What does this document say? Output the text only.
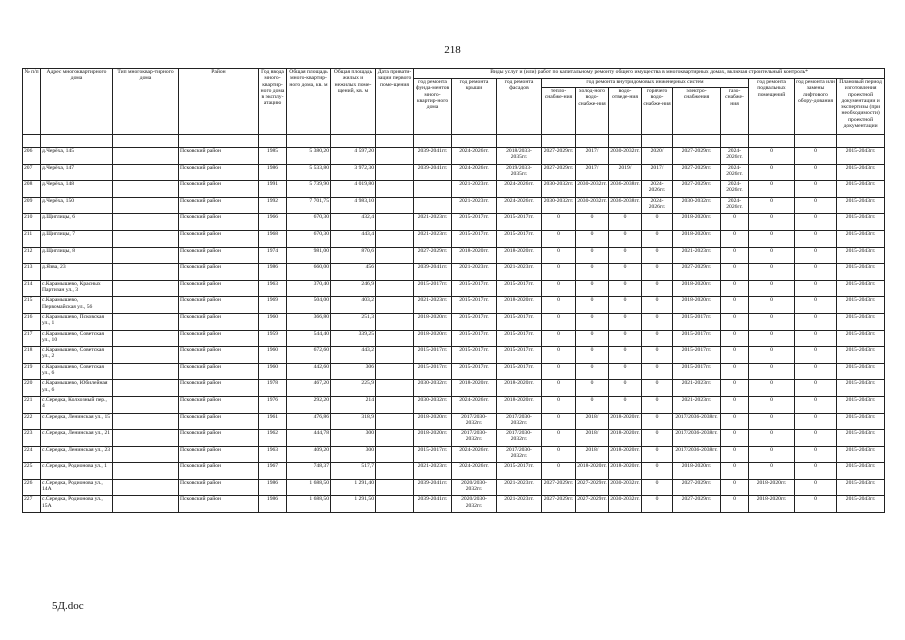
218
№ п/п	Адрес многоквартирного дома	Тип многоквар-тирного дома	Район	Год ввода много-квартир-ного дома в эксплу-атацию	Общая площадь много-квартир-ного дома, кв. м	Общая площадь жилых и нежилых поме-щений, кв. м	Дата привати-зации первого поме-щения	Виды услуг и (или) работ по капитальному ремонту общего имущества в многоквартирных домах, включая строительный контроль*											
								год ремонта фунда-ментов много-квартир-ного дома	год ремонта крыши	год ремонта фасадов	год ремонта внутридомовых инженерных систем						год ремонта подвальных помещений	год ремонта или замены лифтового обору-дования	Плановый период изготовления проектной документации и экспертизы (при необходимости) проектной документации
											тепло-снабже-ния	холод-ного водо-снабже-ния	водо-отведе-ния	горячего водо-снабже-ния	электро-снабжения	газо-снабже-ния			

206	д.Черёха, 145		Псковский район	1985	5 380,20	4 597,20		2039-2041гг.	2024-2026гг.	2018/2033-2035гг.	2027-2029гг.	2017/	2030-2032гг.	2020/	2027-2029гг.	2024-2026гг.	0	0	2015-2043гг.
207	д.Черёха, 147		Псковский район	1986	5 533,80	3 972,30		2039-2041гг.	2024-2026гг.	2019/2033-2035гг.	2027-2029гг.	2017/	2019/	2017/	2027-2029гг.	2024-2026гг.	0	0	2015-2043гг.
208	д.Черёха, 148		Псковский район	1991	5 739,90	4 019,80			2021-2023гг.	2024-2026гг.	2030-2032гг.	2030-2032гг.	2036-2038гг.	2024-2026гг.	2027-2029гг.	2024-2026гг.	0	0	2015-2043гг.
209	д.Черёха, 150		Псковский район	1992	7 701,75	4 983,10			2021-2023гг.	2024-2026гг.	2030-2032гг.	2030-2032гг.	2036-2038гг.	2024-2026гг.	2030-2032гг.	2024-2026гг.	0	0	2015-2043гг.
210	д.Щиглицы, 6		Псковский район	1966	670,30	432,4		2021-2023гг.	2015-2017гг.	2015-2017гг.	0	0	0	0	2018-2020гг.	0	0	0	2015-2043гг.
211	д.Щиглицы, 7		Псковский район	1968	670,30	443,4		2021-2023гг.	2015-2017гг.	2015-2017гг.	0	0	0	0	2018-2020гг.	0	0	0	2015-2043гг.
212	д.Щиглицы, 8		Псковский район	1974	981,00	870,6		2027-2029гг.	2018-2020гг.	2018-2020гг.	0	0	0	0	2021-2023гг.	0	0	0	2015-2043гг.
213	д.Язва, 23		Псковский район	1986	660,00	456		2039-2041гг.	2021-2023гг.	2021-2023гг.	0	0	0	0	2027-2029гг.	0	0	0	2015-2043гг.
214	с.Карамышево, Красных Партизан ул., 3		Псковский район	1963	370,40	246,9		2015-2017гг.	2015-2017гг.	2015-2017гг.	0	0	0	0	2018-2020гг.	0	0	0	2015-2043гг.
215	с.Карамышево, Первомайская ул., 56		Псковский район	1969	504,00	403,2		2021-2023гг.	2015-2017гг.	2018-2020гг.	0	0	0	0	2018-2020гг.	0	0	0	2015-2043гг.
216	с.Карамышево, Псковская ул., 1		Псковский район	1960	366,80	251,3		2018-2020гг.	2015-2017гг.	2015-2017гг.	0	0	0	0	2015-2017гг.	0	0	0	2015-2043гг.
217	с.Карамышево, Советская ул., 10		Псковский район	1959	544,40	339,25		2018-2020гг.	2015-2017гг.	2015-2017гг.	0	0	0	0	2015-2017гг.	0	0	0	2015-2043гг.
218	с.Карамышево, Советская ул., 2		Псковский район	1960	672,60	443,2		2015-2017гг.	2015-2017гг.	2015-2017гг.	0	0	0	0	2015-2017гг.	0	0	0	2015-2043гг.
219	с.Карамышево, Советская ул., 6		Псковский район	1960	442,60	306		2015-2017гг.	2015-2017гг.	2015-2017гг.	0	0	0	0	2015-2017гг.	0	0	0	2015-2043гг.
220	с.Карамышево, Юбилейная ул., 6		Псковский район	1978	467,20	225,9		2030-2032гг.	2018-2020гг.	2018-2020гг.	0	0	0	0	2021-2023гг.	0	0	0	2015-2043гг.
221	с.Середка, Колхозный пер., 4		Псковский район	1976	292,20	214		2030-2032гг.	2024-2026гг.	2018-2020гг.	0	0	0	0	2021-2023гг.	0	0	0	2015-2043гг.
222	с.Середка, Ленинская ул., 15		Псковский район	1961	476,86	318,9		2018-2020гг.	2017/2030-2032гг.	2017/2030-2032гг.	0	2018/	2018-2020гг.	0	2017/2036-2038гг.	0	0	0	2015-2043гг.
223	с.Середка, Ленинская ул., 21		Псковский район	1962	444,78	300		2018-2020гг.	2017/2030-2032гг.	2017/2030-2032гг.	0	2018/	2018-2020гг.	0	2017/2036-2038гг.	0	0	0	2015-2043гг.
224	с.Середка, Ленинская ул., 23		Псковский район	1963	409,20	300		2015-2017гг.	2024-2026гг.	2017/2030-2032гг.	0	2018/	2018-2020гг.	0	2017/2036-2038гг.	0	0	0	2015-2043гг.
225	с.Середка, Родионова ул., 1		Псковский район	1967	748,37	517,7		2021-2023гг.	2024-2026гг.	2015-2017гг.	0	2018-2020гг.	2018-2020гг.	0	2018-2020гг.	0	0	0	2015-2043гг.
226	с.Середка, Родионова ул., 14А		Псковский район	1986	1 688,50	1 291,40		2039-2041гг.	2020/2030-2032гг.	2021-2023гг.	2027-2029гг.	2027-2029гг.	2030-2032гг.	0	2027-2029гг.	0	2018-2020гг.	0	2015-2043гг.
227	с.Середка, Родионова ул., 15А		Псковский район	1986	1 688,50	1 291,50		2039-2041гг.	2020/2030-2032гг.	2021-2023гг.	2027-2029гг.	2027-2029гг.	2030-2032гг.	0	2027-2029гг.	0	2018-2020гг.	0	2015-2043гг.
5Д.doc
